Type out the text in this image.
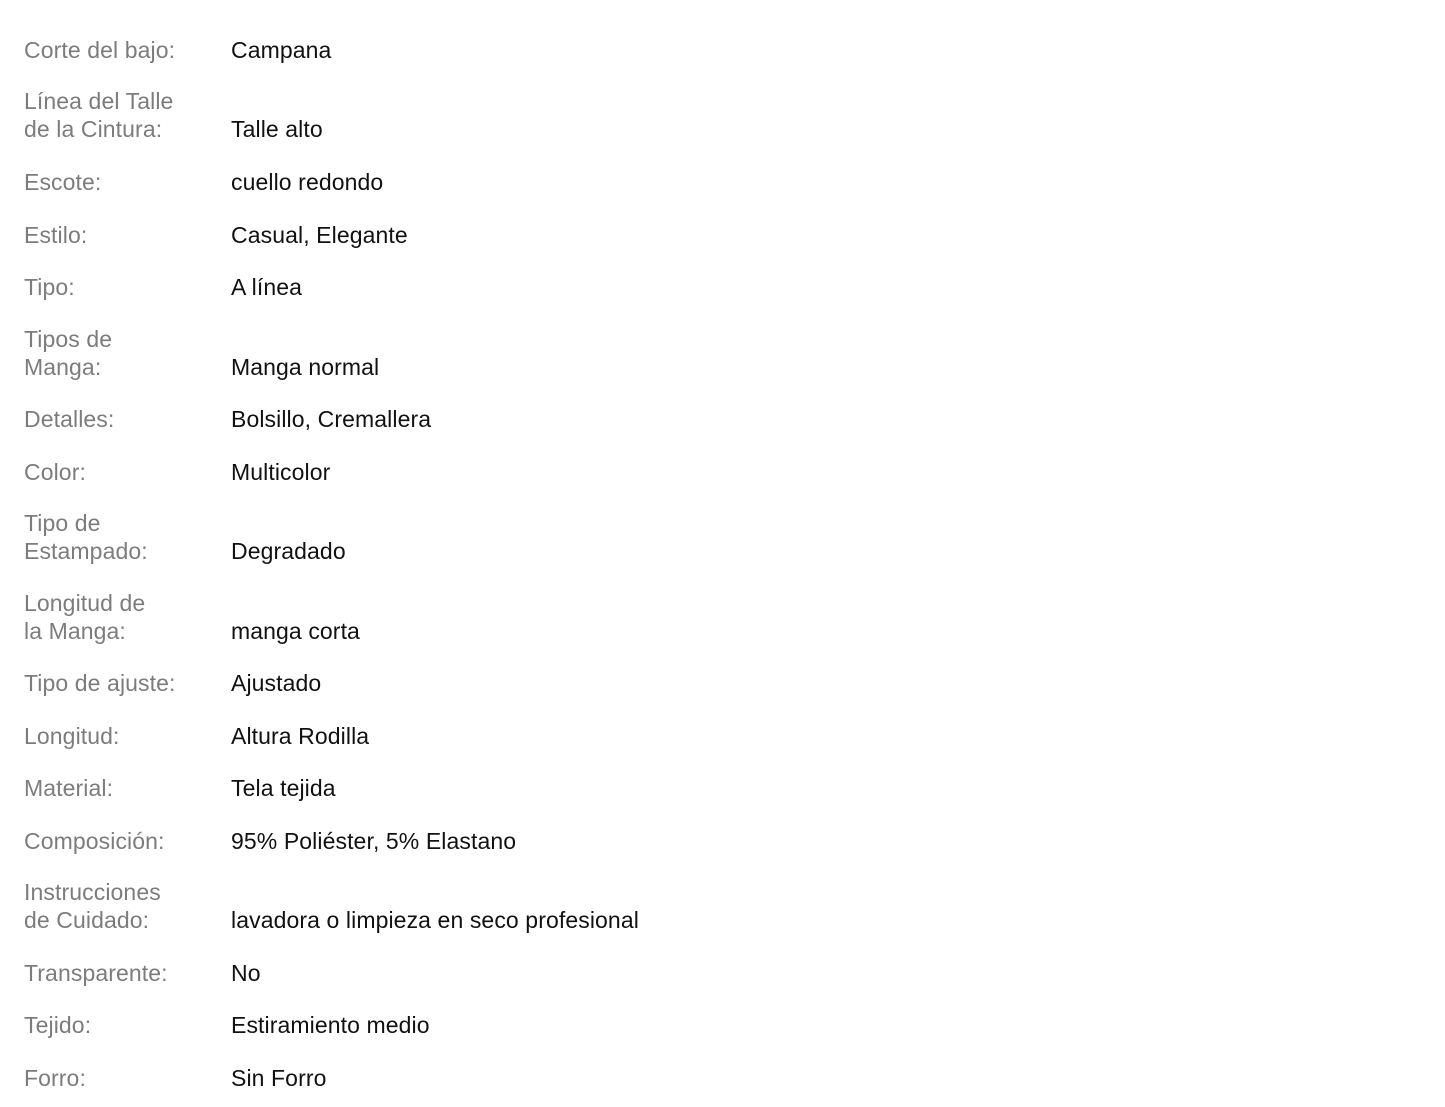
Corte del bajo:	Campana
Línea del Talle
de la Cintura:	Talle alto
Escote:	cuello redondo
Estilo:	Casual, Elegante
Tipo:	A línea
Tipos de
Manga:	Manga normal
Detalles:	Bolsillo, Cremallera
Color:	Multicolor
Tipo de
Estampado:	Degradado
Longitud de
la Manga:	manga corta
Tipo de ajuste:	Ajustado
Longitud:	Altura Rodilla
Material:	Tela tejida
Composición:	95% Poliéster, 5% Elastano
Instrucciones
de Cuidado:	lavadora o limpieza en seco profesional
Transparente:	No
Tejido:	Estiramiento medio
Forro:	Sin Forro
